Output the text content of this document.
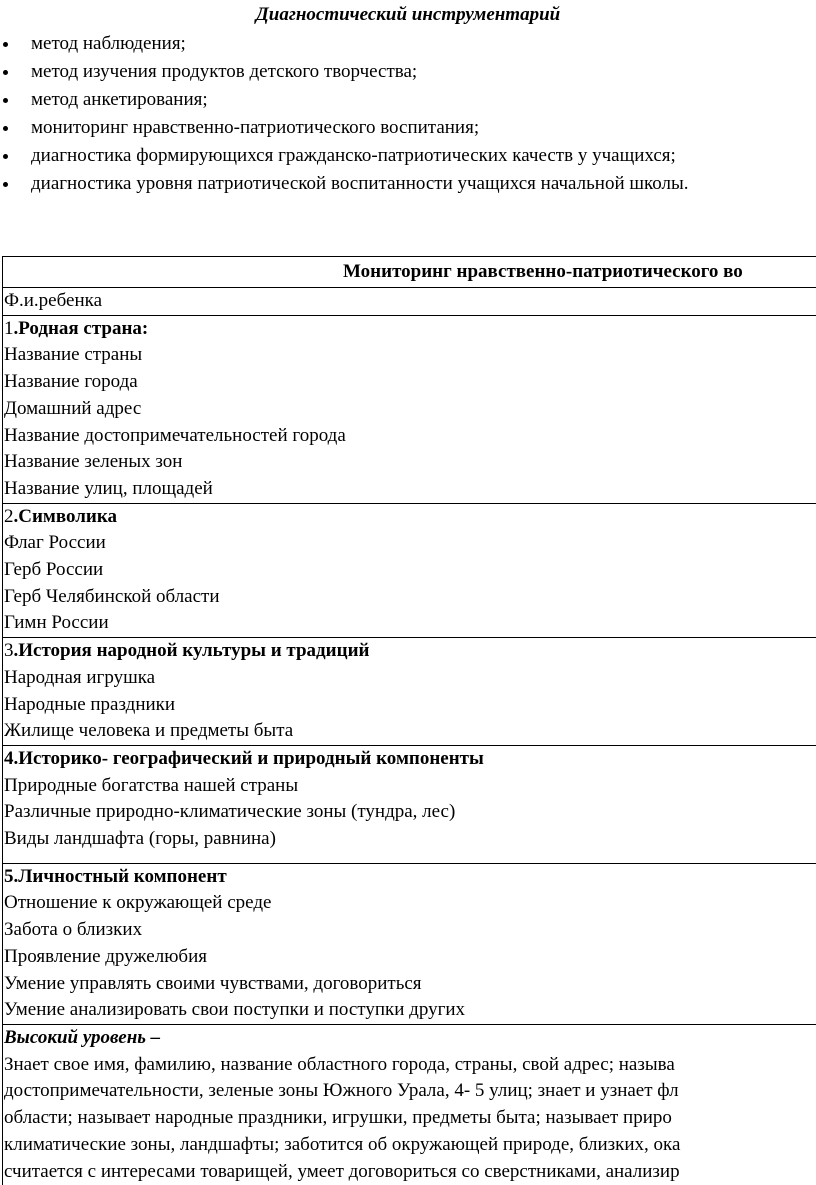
Диагностический инструментарий
метод наблюдения;
метод изучения продуктов детского творчества;
метод анкетирования;
мониторинг нравственно-патриотического воспитания;
диагностика формирующихся гражданско-патриотических качеств у учащихся;
диагностика уровня патриотической воспитанности учащихся начальной школы.
Мониторинг нравственно-патриотического во
Ф.и.ребенка
1.Родная страна:
Название страны
Название города
Домашний адрес
Название достопримечательностей города
Название зеленых зон
Название улиц, площадей
2.Символика
Флаг России
Герб России
Герб Челябинской области
Гимн России
3.История народной культуры и традиций
Народная игрушка
Народные праздники
Жилище человека и предметы быта
4.Историко- географический и природный компоненты
Природные богатства нашей страны
Различные природно-климатические зоны (тундра, лес)
Виды ландшафта (горы, равнина)
5.Личностный компонент
Отношение к окружающей среде
Забота о близких
Проявление дружелюбия
Умение управлять своими чувствами, договориться
Умение анализировать свои поступки и поступки других
Высокий уровень –
Знает свое имя, фамилию, название областного города, страны, свой адрес; называ
достопримечательности, зеленые зоны Южного Урала, 4- 5 улиц; знает и узнает фл
области; называет народные праздники, игрушки, предметы быта; называет приро
климатические зоны, ландшафты; заботится об окружающей природе, близких, ока
считается с интересами товарищей, умеет договориться со сверстниками, анализир
